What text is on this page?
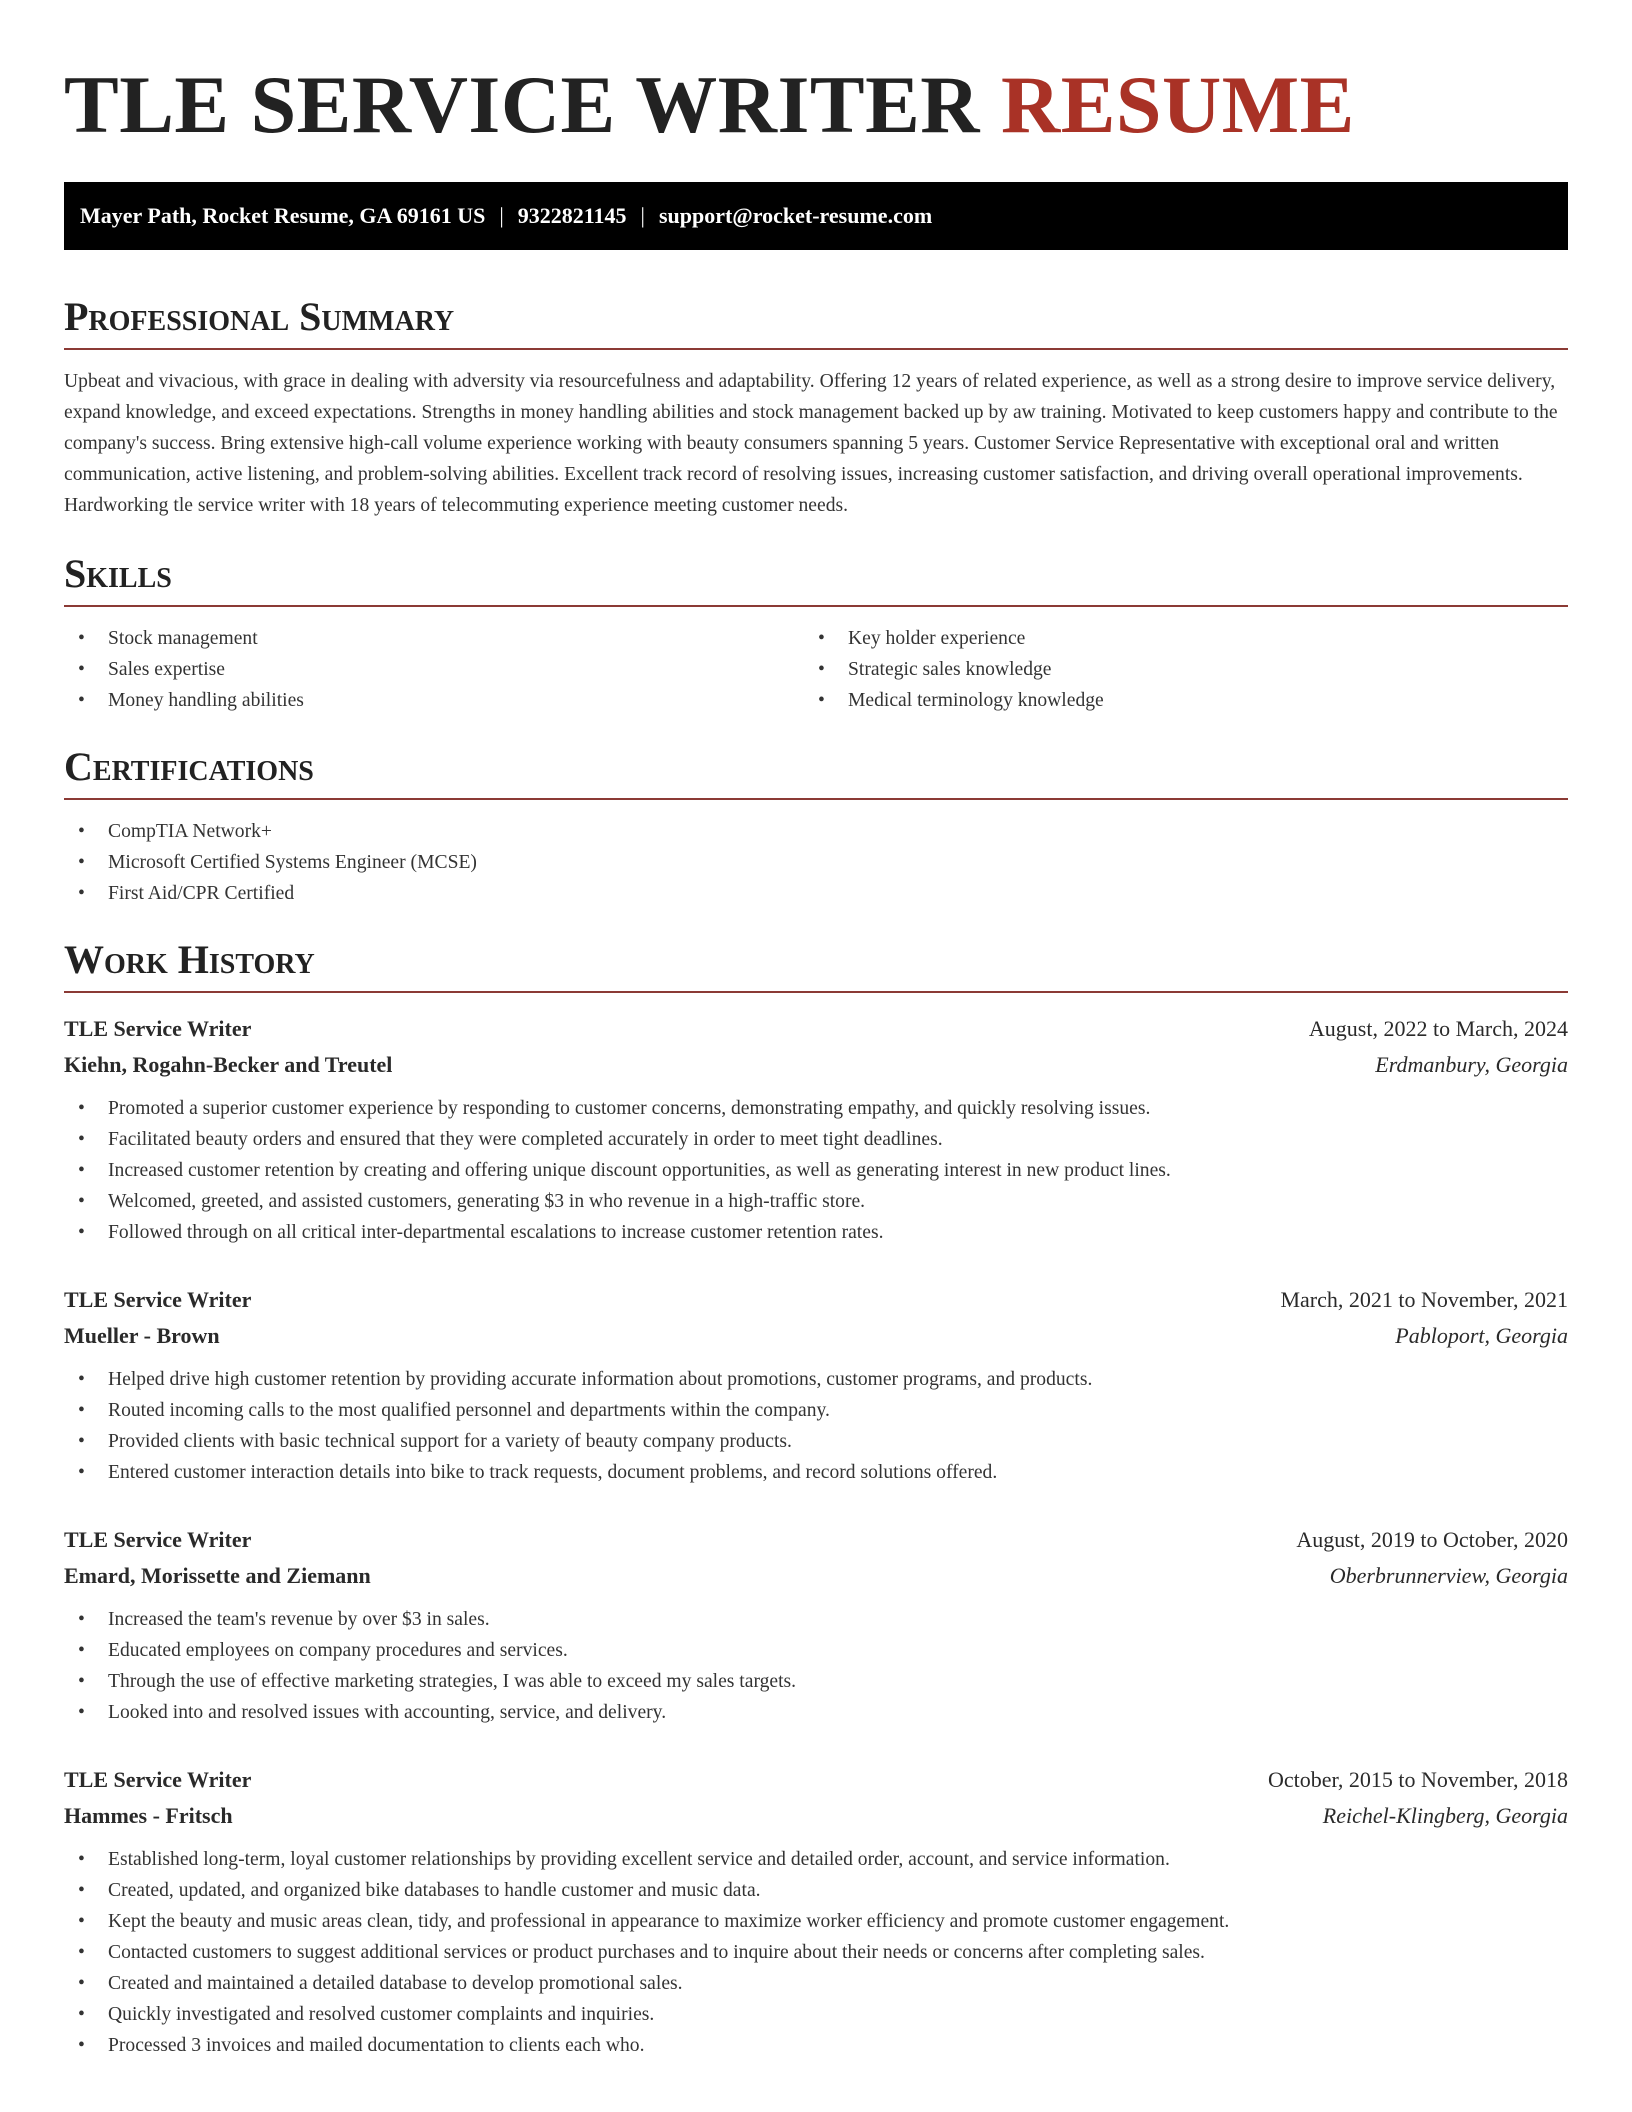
TLE SERVICE WRITER RESUME
Mayer Path, Rocket Resume, GA 69161 US | 9322821145 | support@rocket-resume.com
Professional Summary

Upbeat and vivacious, with grace in dealing with adversity via resourcefulness and adaptability. Offering 12 years of related experience, as well as a strong desire to improve service delivery, expand knowledge, and exceed expectations. Strengths in money handling abilities and stock management backed up by aw training. Motivated to keep customers happy and contribute to the company's success. Bring extensive high-call volume experience working with beauty consumers spanning 5 years. Customer Service Representative with exceptional oral and written communication, active listening, and problem-solving abilities. Excellent track record of resolving issues, increasing customer satisfaction, and driving overall operational improvements. Hardworking tle service writer with 18 years of telecommuting experience meeting customer needs.

Skills
• Stock management
• Sales expertise
• Money handling abilities
• Key holder experience
• Strategic sales knowledge
• Medical terminology knowledge
Certifications
• CompTIA Network+
• Microsoft Certified Systems Engineer (MCSE)
• First Aid/CPR Certified
Work History
TLE Service Writer	August, 2022 to March, 2024
Kiehn, Rogahn-Becker and Treutel	Erdmanbury, Georgia
• Promoted a superior customer experience by responding to customer concerns, demonstrating empathy, and quickly resolving issues.
• Facilitated beauty orders and ensured that they were completed accurately in order to meet tight deadlines.
• Increased customer retention by creating and offering unique discount opportunities, as well as generating interest in new product lines.
• Welcomed, greeted, and assisted customers, generating $3 in who revenue in a high-traffic store.
• Followed through on all critical inter-departmental escalations to increase customer retention rates.
TLE Service Writer	March, 2021 to November, 2021
Mueller - Brown	Pabloport, Georgia
• Helped drive high customer retention by providing accurate information about promotions, customer programs, and products.
• Routed incoming calls to the most qualified personnel and departments within the company.
• Provided clients with basic technical support for a variety of beauty company products.
• Entered customer interaction details into bike to track requests, document problems, and record solutions offered.
TLE Service Writer	August, 2019 to October, 2020
Emard, Morissette and Ziemann	Oberbrunnerview, Georgia
• Increased the team's revenue by over $3 in sales.
• Educated employees on company procedures and services.
• Through the use of effective marketing strategies, I was able to exceed my sales targets.
• Looked into and resolved issues with accounting, service, and delivery.
TLE Service Writer	October, 2015 to November, 2018
Hammes - Fritsch	Reichel-Klingberg, Georgia
• Established long-term, loyal customer relationships by providing excellent service and detailed order, account, and service information.
• Created, updated, and organized bike databases to handle customer and music data.
• Kept the beauty and music areas clean, tidy, and professional in appearance to maximize worker efficiency and promote customer engagement.
• Contacted customers to suggest additional services or product purchases and to inquire about their needs or concerns after completing sales.
• Created and maintained a detailed database to develop promotional sales.
• Quickly investigated and resolved customer complaints and inquiries.
• Processed 3 invoices and mailed documentation to clients each who.
